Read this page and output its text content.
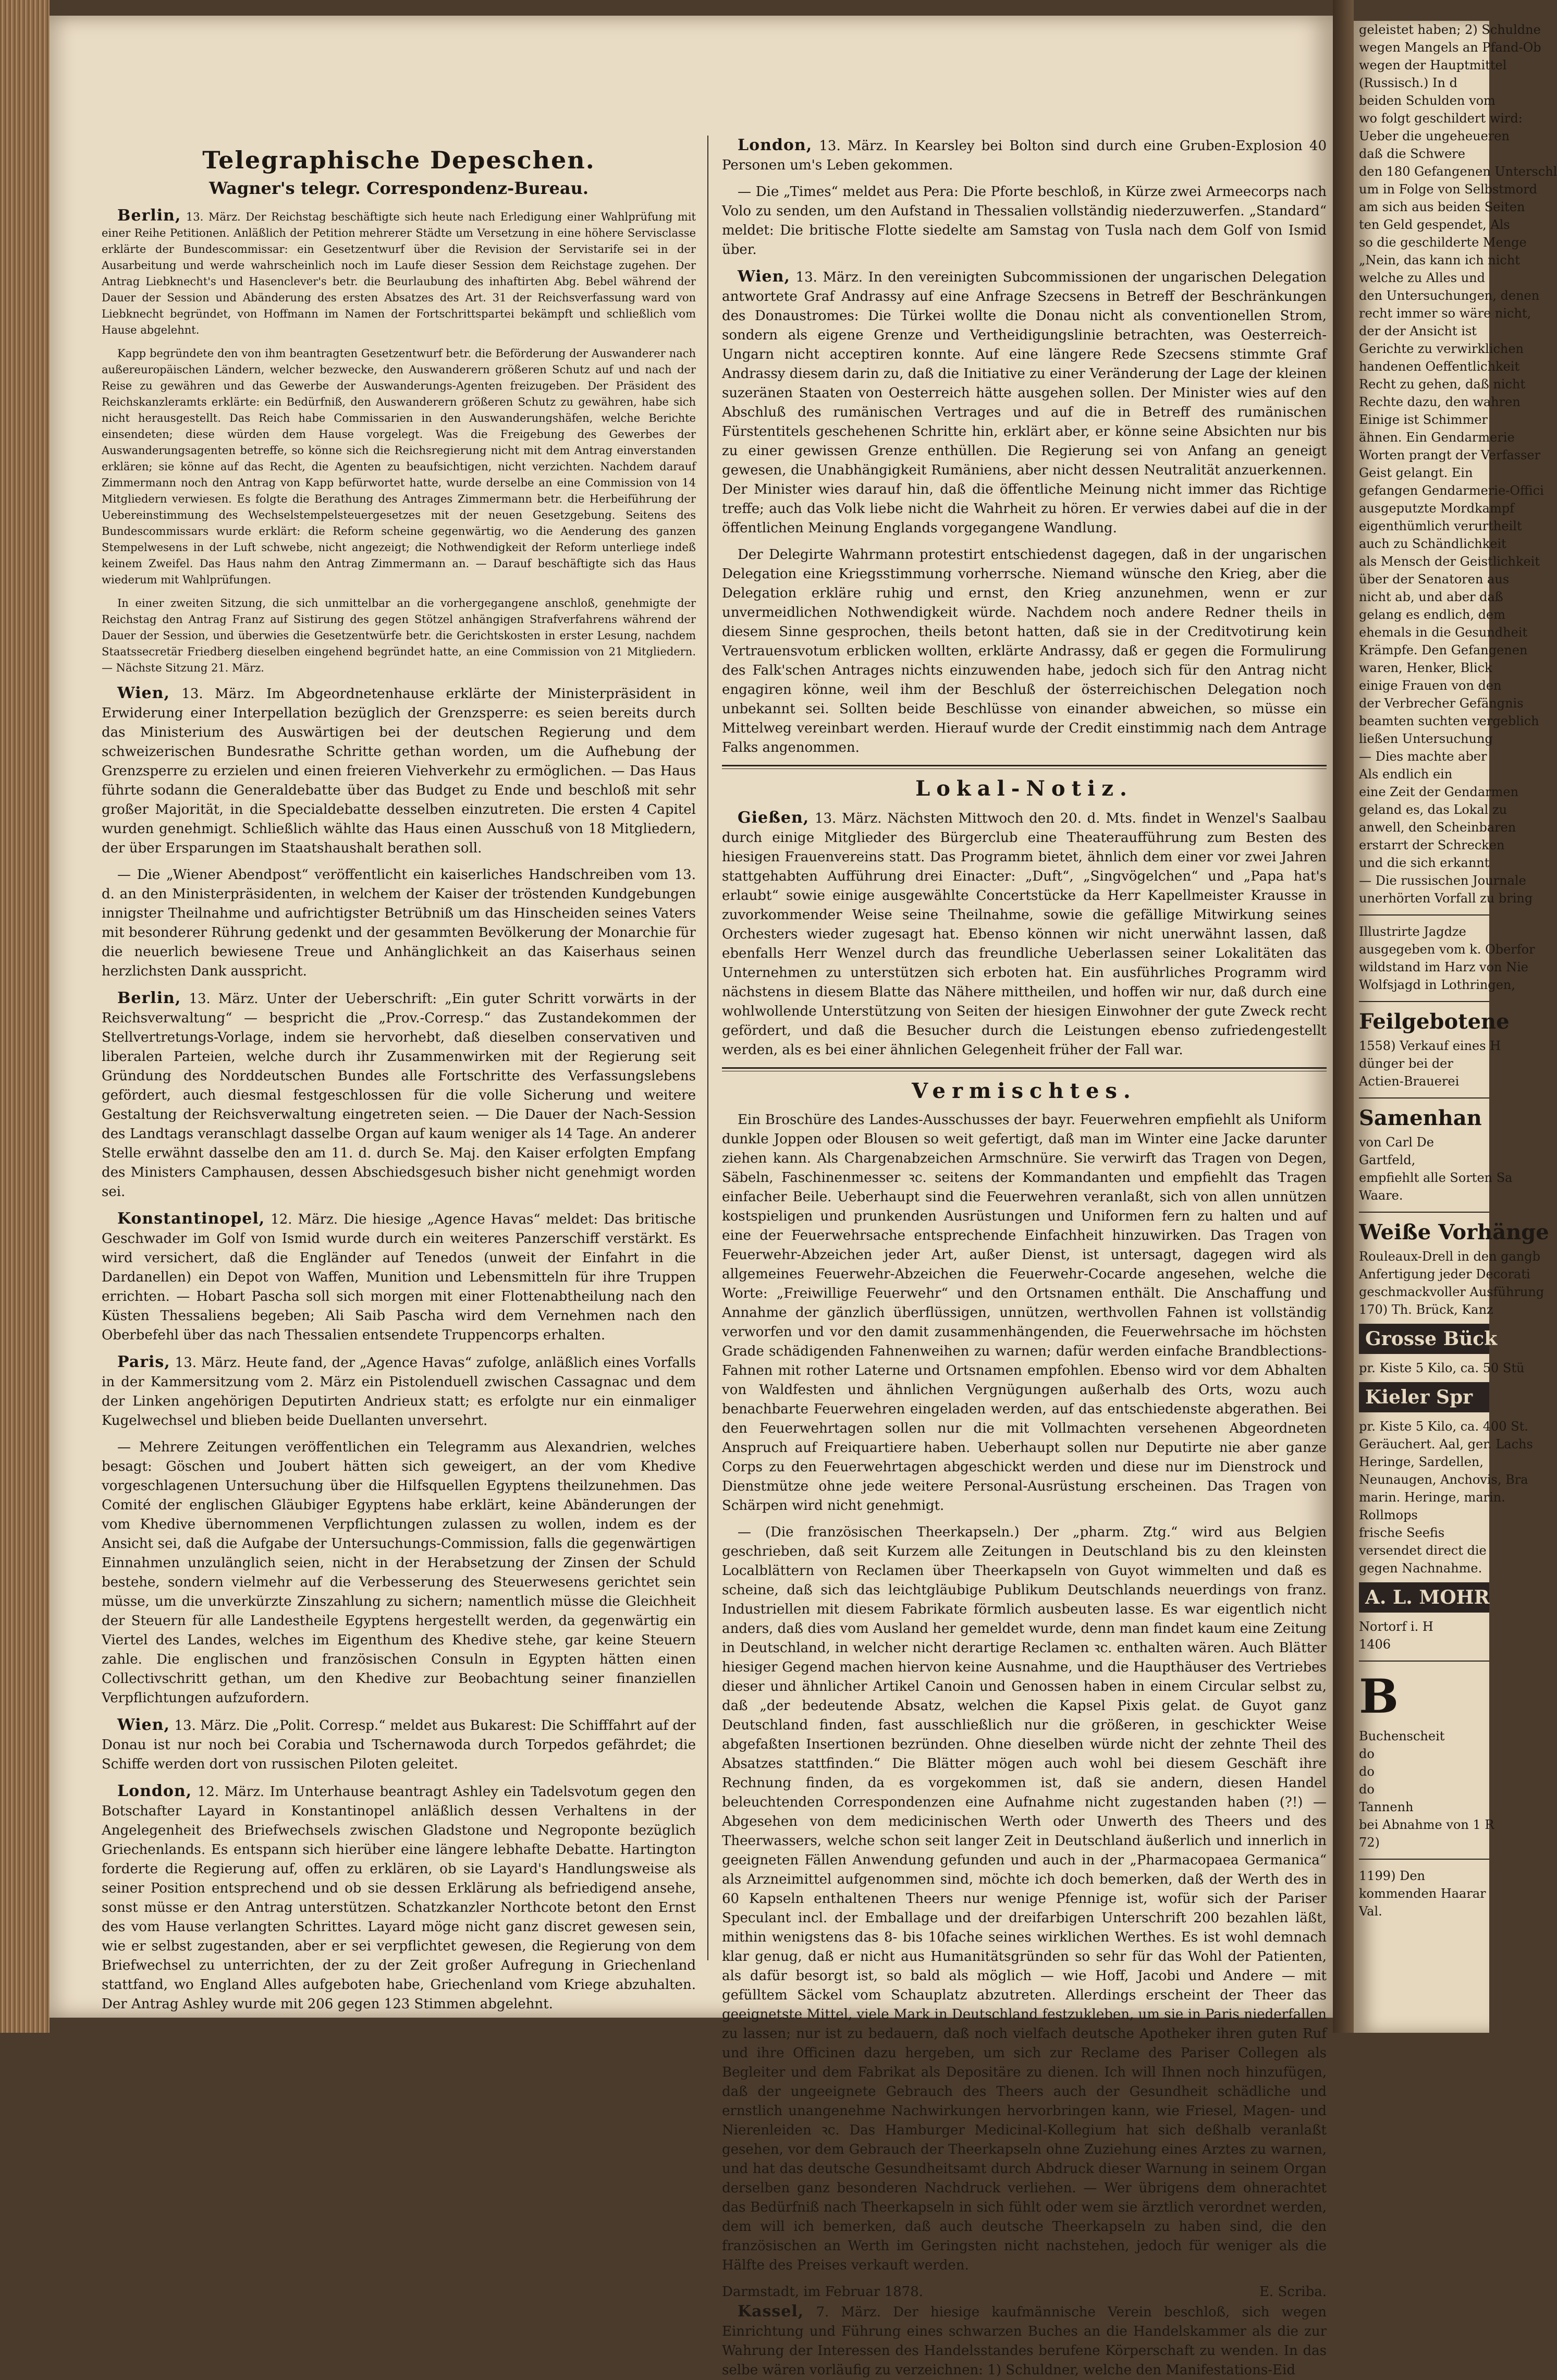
Telegraphische Depeschen.
Wagner's telegr. Correspondenz-Bureau.

Berlin, 13. März. Der Reichstag beschäftigte sich heute nach Erledigung einer Wahlprüfung mit einer Reihe Petitionen. Anläßlich der Petition mehrerer Städte um Versetzung in eine höhere Servisclasse erklärte der Bundescommissar: ein Gesetzentwurf über die Revision der Servistarife sei in der Ausarbeitung und werde wahrscheinlich noch im Laufe dieser Session dem Reichstage zugehen. Der Antrag Liebknecht's und Hasenclever's betr. die Beurlaubung des inhaftirten Abg. Bebel während der Dauer der Session und Abänderung des ersten Absatzes des Art. 31 der Reichsverfassung ward von Liebknecht begründet, von Hoffmann im Namen der Fortschrittspartei bekämpft und schließlich vom Hause abgelehnt.

Kapp begründete den von ihm beantragten Gesetzentwurf betr. die Beförderung der Auswanderer nach außereuropäischen Ländern, welcher bezwecke, den Auswanderern größeren Schutz auf und nach der Reise zu gewähren und das Gewerbe der Auswanderungs-Agenten freizugeben. Der Präsident des Reichskanzleramts erklärte: ein Bedürfniß, den Auswanderern größeren Schutz zu gewähren, habe sich nicht herausgestellt. Das Reich habe Commissarien in den Auswanderungshäfen, welche Berichte einsendeten; diese würden dem Hause vorgelegt. Was die Freigebung des Gewerbes der Auswanderungsagenten betreffe, so könne sich die Reichsregierung nicht mit dem Antrag einverstanden erklären; sie könne auf das Recht, die Agenten zu beaufsichtigen, nicht verzichten. Nachdem darauf Zimmermann noch den Antrag von Kapp befürwortet hatte, wurde derselbe an eine Commission von 14 Mitgliedern verwiesen. Es folgte die Berathung des Antrages Zimmermann betr. die Herbeiführung der Uebereinstimmung des Wechselstempelsteuergesetzes mit der neuen Gesetzgebung. Seitens des Bundescommissars wurde erklärt: die Reform scheine gegenwärtig, wo die Aenderung des ganzen Stempelwesens in der Luft schwebe, nicht angezeigt; die Nothwendigkeit der Reform unterliege indeß keinem Zweifel. Das Haus nahm den Antrag Zimmermann an. — Darauf beschäftigte sich das Haus wiederum mit Wahlprüfungen.

In einer zweiten Sitzung, die sich unmittelbar an die vorhergegangene anschloß, genehmigte der Reichstag den Antrag Franz auf Sistirung des gegen Stötzel anhängigen Strafverfahrens während der Dauer der Session, und überwies die Gesetzentwürfe betr. die Gerichtskosten in erster Lesung, nachdem Staatssecretär Friedberg dieselben eingehend begründet hatte, an eine Commission von 21 Mitgliedern. — Nächste Sitzung 21. März.

Wien, 13. März. Im Abgeordnetenhause erklärte der Ministerpräsident in Erwiderung einer Interpellation bezüglich der Grenzsperre: es seien bereits durch das Ministerium des Auswärtigen bei der deutschen Regierung und dem schweizerischen Bundesrathe Schritte gethan worden, um die Aufhebung der Grenzsperre zu erzielen und einen freieren Viehverkehr zu ermöglichen. — Das Haus führte sodann die Generaldebatte über das Budget zu Ende und beschloß mit sehr großer Majorität, in die Specialdebatte desselben einzutreten. Die ersten 4 Capitel wurden genehmigt. Schließlich wählte das Haus einen Ausschuß von 18 Mitgliedern, der über Ersparungen im Staatshaushalt berathen soll.

— Die „Wiener Abendpost“ veröffentlicht ein kaiserliches Handschreiben vom 13. d. an den Ministerpräsidenten, in welchem der Kaiser der tröstenden Kundgebungen innigster Theilnahme und aufrichtigster Betrübniß um das Hinscheiden seines Vaters mit besonderer Rührung gedenkt und der gesammten Bevölkerung der Monarchie für die neuerlich bewiesene Treue und Anhänglichkeit an das Kaiserhaus seinen herzlichsten Dank ausspricht.

Berlin, 13. März. Unter der Ueberschrift: „Ein guter Schritt vorwärts in der Reichsverwaltung“ — bespricht die „Prov.-Corresp.“ das Zustandekommen der Stellvertretungs-Vorlage, indem sie hervorhebt, daß dieselben conservativen und liberalen Parteien, welche durch ihr Zusammenwirken mit der Regierung seit Gründung des Norddeutschen Bundes alle Fortschritte des Verfassungslebens gefördert, auch diesmal festgeschlossen für die volle Sicherung und weitere Gestaltung der Reichsverwaltung eingetreten seien. — Die Dauer der Nach-Session des Landtags veranschlagt dasselbe Organ auf kaum weniger als 14 Tage. An anderer Stelle erwähnt dasselbe den am 11. d. durch Se. Maj. den Kaiser erfolgten Empfang des Ministers Camphausen, dessen Abschiedsgesuch bisher nicht genehmigt worden sei.

Konstantinopel, 12. März. Die hiesige „Agence Havas“ meldet: Das britische Geschwader im Golf von Ismid wurde durch ein weiteres Panzerschiff verstärkt. Es wird versichert, daß die Engländer auf Tenedos (unweit der Einfahrt in die Dardanellen) ein Depot von Waffen, Munition und Lebensmitteln für ihre Truppen errichten. — Hobart Pascha soll sich morgen mit einer Flottenabtheilung nach den Küsten Thessaliens begeben; Ali Saib Pascha wird dem Vernehmen nach den Oberbefehl über das nach Thessalien entsendete Truppencorps erhalten.

Paris, 13. März. Heute fand, der „Agence Havas“ zufolge, anläßlich eines Vorfalls in der Kammersitzung vom 2. März ein Pistolenduell zwischen Cassagnac und dem der Linken angehörigen Deputirten Andrieux statt; es erfolgte nur ein einmaliger Kugelwechsel und blieben beide Duellanten unversehrt.

— Mehrere Zeitungen veröffentlichen ein Telegramm aus Alexandrien, welches besagt: Göschen und Joubert hätten sich geweigert, an der vom Khedive vorgeschlagenen Untersuchung über die Hilfsquellen Egyptens theilzunehmen. Das Comité der englischen Gläubiger Egyptens habe erklärt, keine Abänderungen der vom Khedive übernommenen Verpflichtungen zulassen zu wollen, indem es der Ansicht sei, daß die Aufgabe der Untersuchungs-Commission, falls die gegenwärtigen Einnahmen unzulänglich seien, nicht in der Herabsetzung der Zinsen der Schuld bestehe, sondern vielmehr auf die Verbesserung des Steuerwesens gerichtet sein müsse, um die unverkürzte Zinszahlung zu sichern; namentlich müsse die Gleichheit der Steuern für alle Landestheile Egyptens hergestellt werden, da gegenwärtig ein Viertel des Landes, welches im Eigenthum des Khedive stehe, gar keine Steuern zahle. Die englischen und französischen Consuln in Egypten hätten einen Collectivschritt gethan, um den Khedive zur Beobachtung seiner finanziellen Verpflichtungen aufzufordern.

Wien, 13. März. Die „Polit. Corresp.“ meldet aus Bukarest: Die Schifffahrt auf der Donau ist nur noch bei Corabia und Tschernawoda durch Torpedos gefährdet; die Schiffe werden dort von russischen Piloten geleitet.

London, 12. März. Im Unterhause beantragt Ashley ein Tadelsvotum gegen den Botschafter Layard in Konstantinopel anläßlich dessen Verhaltens in der Angelegenheit des Briefwechsels zwischen Gladstone und Negroponte bezüglich Griechenlands. Es entspann sich hierüber eine längere lebhafte Debatte. Hartington forderte die Regierung auf, offen zu erklären, ob sie Layard's Handlungsweise als seiner Position entsprechend und ob sie dessen Erklärung als befriedigend ansehe, sonst müsse er den Antrag unterstützen. Schatzkanzler Northcote betont den Ernst des vom Hause verlangten Schrittes. Layard möge nicht ganz discret gewesen sein, wie er selbst zugestanden, aber er sei verpflichtet gewesen, die Regierung von dem Briefwechsel zu unterrichten, der zu der Zeit großer Aufregung in Griechenland stattfand, wo England Alles aufgeboten habe, Griechenland vom Kriege abzuhalten. Der Antrag Ashley wurde mit 206 gegen 123 Stimmen abgelehnt.

London, 13. März. In Kearsley bei Bolton sind durch eine Gruben-Explosion 40 Personen um's Leben gekommen.

— Die „Times“ meldet aus Pera: Die Pforte beschloß, in Kürze zwei Armeecorps nach Volo zu senden, um den Aufstand in Thessalien vollständig niederzuwerfen. „Standard“ meldet: Die britische Flotte siedelte am Samstag von Tusla nach dem Golf von Ismid über.

Wien, 13. März. In den vereinigten Subcommissionen der ungarischen Delegation antwortete Graf Andrassy auf eine Anfrage Szecsens in Betreff der Beschränkungen des Donaustromes: Die Türkei wollte die Donau nicht als conventionellen Strom, sondern als eigene Grenze und Vertheidigungslinie betrachten, was Oesterreich-Ungarn nicht acceptiren konnte. Auf eine längere Rede Szecsens stimmte Graf Andrassy diesem darin zu, daß die Initiative zu einer Veränderung der Lage der kleinen suzeränen Staaten von Oesterreich hätte ausgehen sollen. Der Minister wies auf den Abschluß des rumänischen Vertrages und auf die in Betreff des rumänischen Fürstentitels geschehenen Schritte hin, erklärt aber, er könne seine Absichten nur bis zu einer gewissen Grenze enthüllen. Die Regierung sei von Anfang an geneigt gewesen, die Unabhängigkeit Rumäniens, aber nicht dessen Neutralität anzuerkennen. Der Minister wies darauf hin, daß die öffentliche Meinung nicht immer das Richtige treffe; auch das Volk liebe nicht die Wahrheit zu hören. Er verwies dabei auf die in der öffentlichen Meinung Englands vorgegangene Wandlung.

Der Delegirte Wahrmann protestirt entschiedenst dagegen, daß in der ungarischen Delegation eine Kriegsstimmung vorherrsche. Niemand wünsche den Krieg, aber die Delegation erkläre ruhig und ernst, den Krieg anzunehmen, wenn er zur unvermeidlichen Nothwendigkeit würde. Nachdem noch andere Redner theils in diesem Sinne gesprochen, theils betont hatten, daß sie in der Creditvotirung kein Vertrauensvotum erblicken wollten, erklärte Andrassy, daß er gegen die Formulirung des Falk'schen Antrages nichts einzuwenden habe, jedoch sich für den Antrag nicht engagiren könne, weil ihm der Beschluß der österreichischen Delegation noch unbekannt sei. Sollten beide Beschlüsse von einander abweichen, so müsse ein Mittelweg vereinbart werden. Hierauf wurde der Credit einstimmig nach dem Antrage Falks angenommen.

Lokal-Notiz.

Gießen, 13. März. Nächsten Mittwoch den 20. d. Mts. findet in Wenzel's Saalbau durch einige Mitglieder des Bürgerclub eine Theateraufführung zum Besten des hiesigen Frauenvereins statt. Das Programm bietet, ähnlich dem einer vor zwei Jahren stattgehabten Aufführung drei Einacter: „Duft“, „Singvögelchen“ und „Papa hat's erlaubt“ sowie einige ausgewählte Concertstücke da Herr Kapellmeister Krausse in zuvorkommender Weise seine Theilnahme, sowie die gefällige Mitwirkung seines Orchesters wieder zugesagt hat. Ebenso können wir nicht unerwähnt lassen, daß ebenfalls Herr Wenzel durch das freundliche Ueberlassen seiner Lokalitäten das Unternehmen zu unterstützen sich erboten hat. Ein ausführliches Programm wird nächstens in diesem Blatte das Nähere mittheilen, und hoffen wir nur, daß durch eine wohlwollende Unterstützung von Seiten der hiesigen Einwohner der gute Zweck recht gefördert, und daß die Besucher durch die Leistungen ebenso zufriedengestellt werden, als es bei einer ähnlichen Gelegenheit früher der Fall war.

Vermischtes.

Ein Broschüre des Landes-Ausschusses der bayr. Feuerwehren empfiehlt als Uniform dunkle Joppen oder Blousen so weit gefertigt, daß man im Winter eine Jacke darunter ziehen kann. Als Chargenabzeichen Armschnüre. Sie verwirft das Tragen von Degen, Säbeln, Faschinenmesser ꝛc. seitens der Kommandanten und empfiehlt das Tragen einfacher Beile. Ueberhaupt sind die Feuerwehren veranlaßt, sich von allen unnützen kostspieligen und prunkenden Ausrüstungen und Uniformen fern zu halten und auf eine der Feuerwehrsache entsprechende Einfachheit hinzuwirken. Das Tragen von Feuerwehr-Abzeichen jeder Art, außer Dienst, ist untersagt, dagegen wird als allgemeines Feuerwehr-Abzeichen die Feuerwehr-Cocarde angesehen, welche die Worte: „Freiwillige Feuerwehr“ und den Ortsnamen enthält. Die Anschaffung und Annahme der gänzlich überflüssigen, unnützen, werthvollen Fahnen ist vollständig verworfen und vor den damit zusammenhängenden, die Feuerwehrsache im höchsten Grade schädigenden Fahnenweihen zu warnen; dafür werden einfache Brandblections-Fahnen mit rother Laterne und Ortsnamen empfohlen. Ebenso wird vor dem Abhalten von Waldfesten und ähnlichen Vergnügungen außerhalb des Orts, wozu auch benachbarte Feuerwehren eingeladen werden, auf das entschiedenste abgerathen. Bei den Feuerwehrtagen sollen nur die mit Vollmachten versehenen Abgeordneten Anspruch auf Freiquartiere haben. Ueberhaupt sollen nur Deputirte nie aber ganze Corps zu den Feuerwehrtagen abgeschickt werden und diese nur im Dienstrock und Dienstmütze ohne jede weitere Personal-Ausrüstung erscheinen. Das Tragen von Schärpen wird nicht genehmigt.

— (Die französischen Theerkapseln.) Der „pharm. Ztg.“ wird aus Belgien geschrieben, daß seit Kurzem alle Zeitungen in Deutschland bis zu den kleinsten Localblättern von Reclamen über Theerkapseln von Guyot wimmelten und daß es scheine, daß sich das leichtgläubige Publikum Deutschlands neuerdings von franz. Industriellen mit diesem Fabrikate förmlich ausbeuten lasse. Es war eigentlich nicht anders, daß dies vom Ausland her gemeldet wurde, denn man findet kaum eine Zeitung in Deutschland, in welcher nicht derartige Reclamen ꝛc. enthalten wären. Auch Blätter hiesiger Gegend machen hiervon keine Ausnahme, und die Haupthäuser des Vertriebes dieser und ähnlicher Artikel Canoin und Genossen haben in einem Circular selbst zu, daß „der bedeutende Absatz, welchen die Kapsel Pixis gelat. de Guyot ganz Deutschland finden, fast ausschließlich nur die größeren, in geschickter Weise abgefaßten Insertionen bezründen. Ohne dieselben würde nicht der zehnte Theil des Absatzes stattfinden.“ Die Blätter mögen auch wohl bei diesem Geschäft ihre Rechnung finden, da es vorgekommen ist, daß sie andern, diesen Handel beleuchtenden Correspondenzen eine Aufnahme nicht zugestanden haben (?!) — Abgesehen von dem medicinischen Werth oder Unwerth des Theers und des Theerwassers, welche schon seit langer Zeit in Deutschland äußerlich und innerlich in geeigneten Fällen Anwendung gefunden und auch in der „Pharmacopaea Germanica“ als Arzneimittel aufgenommen sind, möchte ich doch bemerken, daß der Werth des in 60 Kapseln enthaltenen Theers nur wenige Pfennige ist, wofür sich der Pariser Speculant incl. der Emballage und der dreifarbigen Unterschrift 200 bezahlen läßt, mithin wenigstens das 8- bis 10fache seines wirklichen Werthes. Es ist wohl demnach klar genug, daß er nicht aus Humanitätsgründen so sehr für das Wohl der Patienten, als dafür besorgt ist, so bald als möglich — wie Hoff, Jacobi und Andere — mit gefülltem Säckel vom Schauplatz abzutreten. Allerdings erscheint der Theer das geeignetste Mittel, viele Mark in Deutschland festzukleben, um sie in Paris niederfallen zu lassen; nur ist zu bedauern, daß noch vielfach deutsche Apotheker ihren guten Ruf und ihre Officinen dazu hergeben, um sich zur Reclame des Pariser Collegen als Begleiter und dem Fabrikat als Depositäre zu dienen. Ich will Ihnen noch hinzufügen, daß der ungeeignete Gebrauch des Theers auch der Gesundheit schädliche und ernstlich unangenehme Nachwirkungen hervorbringen kann, wie Friesel, Magen- und Nierenleiden ꝛc. Das Hamburger Medicinal-Kollegium hat sich deßhalb veranlaßt gesehen, vor dem Gebrauch der Theerkapseln ohne Zuziehung eines Arztes zu warnen, und hat das deutsche Gesundheitsamt durch Abdruck dieser Warnung in seinem Organ derselben ganz besonderen Nachdruck verliehen. — Wer übrigens dem ohnerachtet das Bedürfniß nach Theerkapseln in sich fühlt oder wem sie ärztlich verordnet werden, dem will ich bemerken, daß auch deutsche Theerkapseln zu haben sind, die den französischen an Werth im Geringsten nicht nachstehen, jedoch für weniger als die Hälfte des Preises verkauft werden.

Darmstadt, im Februar 1878.	E. Scriba.

Kassel, 7. März. Der hiesige kaufmännische Verein beschloß, sich wegen Einrichtung und Führung eines schwarzen Buches an die Handelskammer als die zur Wahrung der Interessen des Handelsstandes berufene Körperschaft zu wenden. In das selbe wären vorläufig zu verzeichnen: 1) Schuldner, welche den Manifestations-Eid

geleistet haben; 2) Schuldne
wegen Mangels an Pfand-Ob
wegen der Hauptmittel
(Russisch.) In d
beiden Schulden vom
wo folgt geschildert wird:
Ueber die ungeheueren
daß die Schwere
den 180 Gefangenen Unterschl
um in Folge von Selbstmord
am sich aus beiden Seiten
ten Geld gespendet, Als
so die geschilderte Menge
„Nein, das kann ich nicht
welche zu Alles und
den Untersuchungen, denen
recht immer so wäre nicht,
der der Ansicht ist
Gerichte zu verwirklichen
handenen Oeffentlichkeit
Recht zu gehen, daß nicht
Rechte dazu, den wahren
Einige ist Schimmer
ähnen. Ein Gendarmerie
Worten prangt der Verfasser
Geist gelangt. Ein
gefangen Gendarmerie-Offici
ausgeputzte Mordkampf
eigenthümlich verurtheilt
auch zu Schändlichkeit
als Mensch der Geistlichkeit
über der Senatoren aus
nicht ab, und aber daß
gelang es endlich, dem
ehemals in die Gesundheit
Krämpfe. Den Gefangenen
waren, Henker, Blick
einige Frauen von den
der Verbrecher Gefängnis
beamten suchten vergeblich
ließen Untersuchung
— Dies machte aber
Als endlich ein
eine Zeit der Gendarmen
geland es, das Lokal zu
anwell, den Scheinbaren
erstarrt der Schrecken
und die sich erkannt
— Die russischen Journale
unerhörten Vorfall zu bring
Illustrirte Jagdze
ausgegeben vom k. Oberfor
wildstand im Harz von Nie
Wolfsjagd in Lothringen,
Feilgebotene
1558) Verkauf eines H
dünger bei der
Actien-Brauerei
Samenhan
von Carl De
Gartfeld,
empfiehlt alle Sorten Sa
Waare.
Weiße Vorhänge
Rouleaux-Drell in den gangb
Anfertigung jeder Decorati
geschmackvoller Ausführung
170) Th. Brück, Kanz
Grosse Bück
pr. Kiste 5 Kilo, ca. 50 Stü
Kieler Spr
pr. Kiste 5 Kilo, ca. 400 St.
Geräuchert. Aal, ger. Lachs
Heringe, Sardellen,
Neunaugen, Anchovis, Bra
marin. Heringe, marin.
Rollmops
frische Seefis
versendet direct die
gegen Nachnahme.
A. L. MOHR
Nortorf i. H
1406
B
Buchenscheit
do
do
do
Tannenh
bei Abnahme von 1 R
72)
1199) Den
kommenden Haarar
Val.
